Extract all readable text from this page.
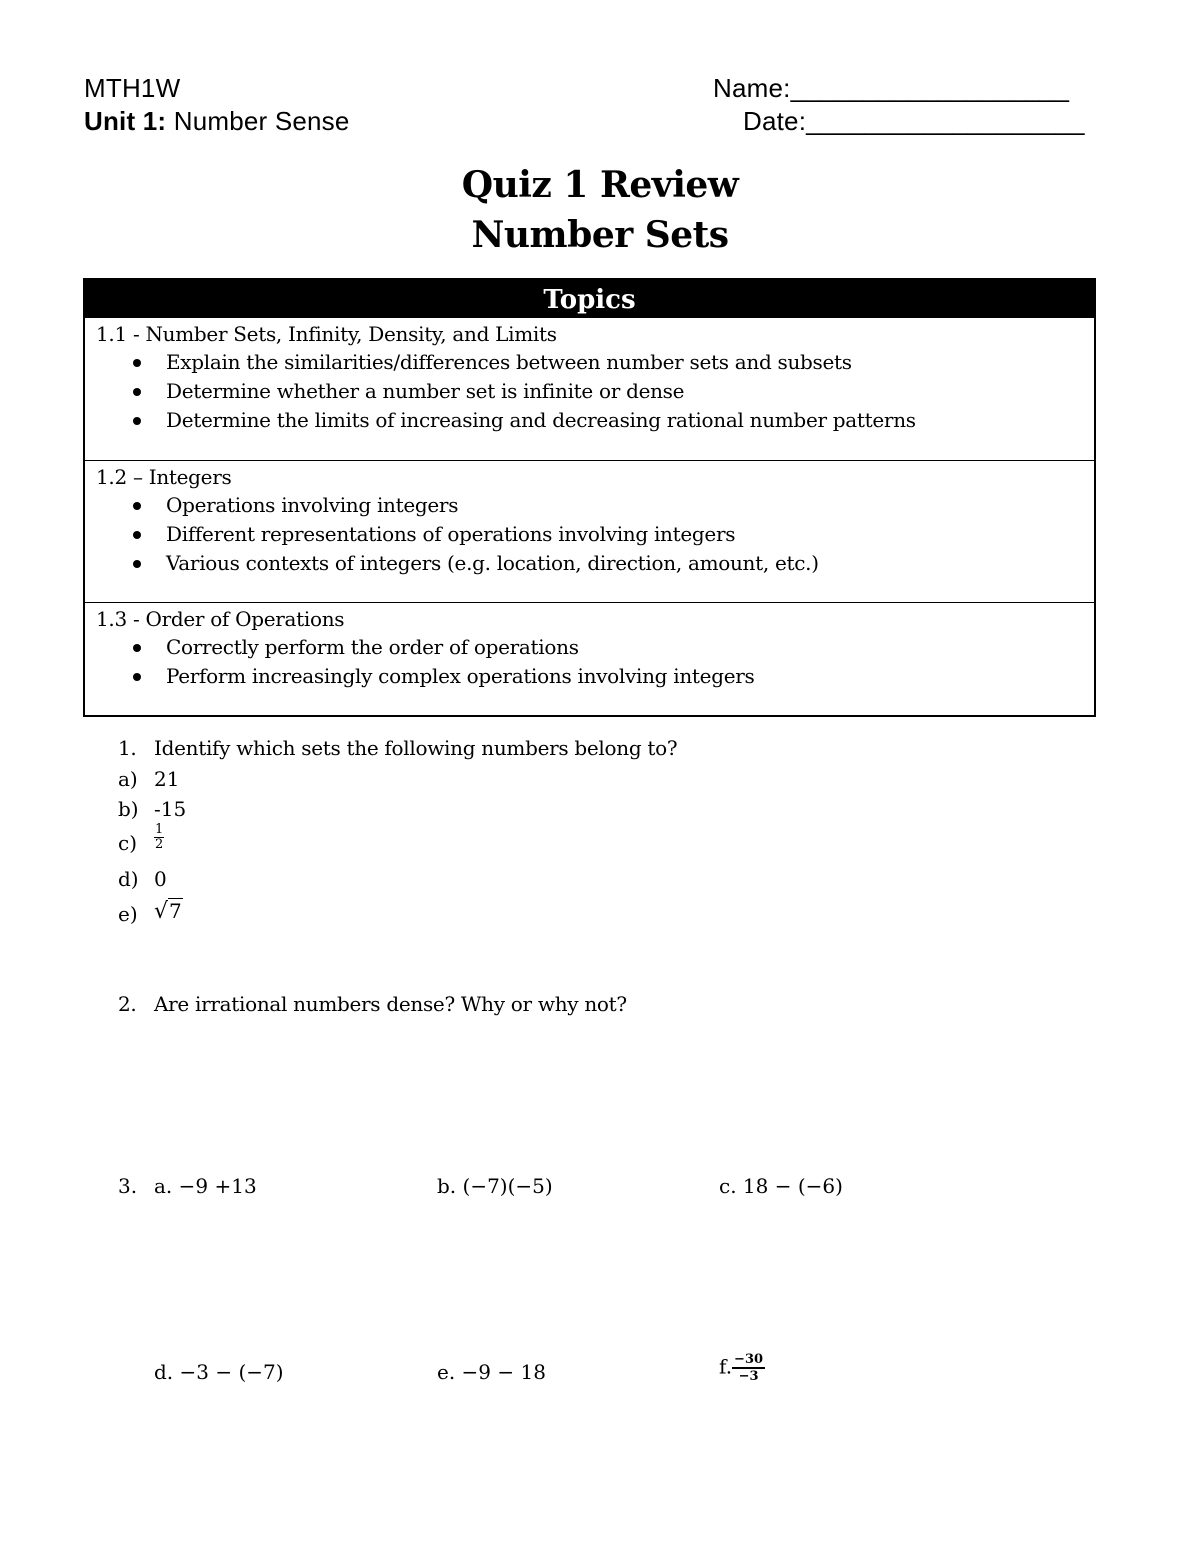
MTH1W
Unit 1: Number Sense
Name:___________________
Date:___________________
Quiz 1 Review
Number Sets
Topics
1.1 - Number Sets, Infinity, Density, and Limits
Explain the similarities/differences between number sets and subsets
Determine whether a number set is infinite or dense
Determine the limits of increasing and decreasing rational number patterns
1.2 – Integers
Operations involving integers
Different representations of operations involving integers
Various contexts of integers (e.g. location, direction, amount, etc.)
1.3 - Order of Operations
Correctly perform the order of operations
Perform increasingly complex operations involving integers
1. Identify which sets the following numbers belong to?
a) 21
b) -15
$c) \frac{1}{2}$
d) 0
e) √7
2. Are irrational numbers dense? Why or why not?
3. a. −9 +13	b. (−7)(−5)	c. 18 − (−6)
d. −3 − (−7)	e. −9 − 18	f. $\frac{-30}{-3}$
